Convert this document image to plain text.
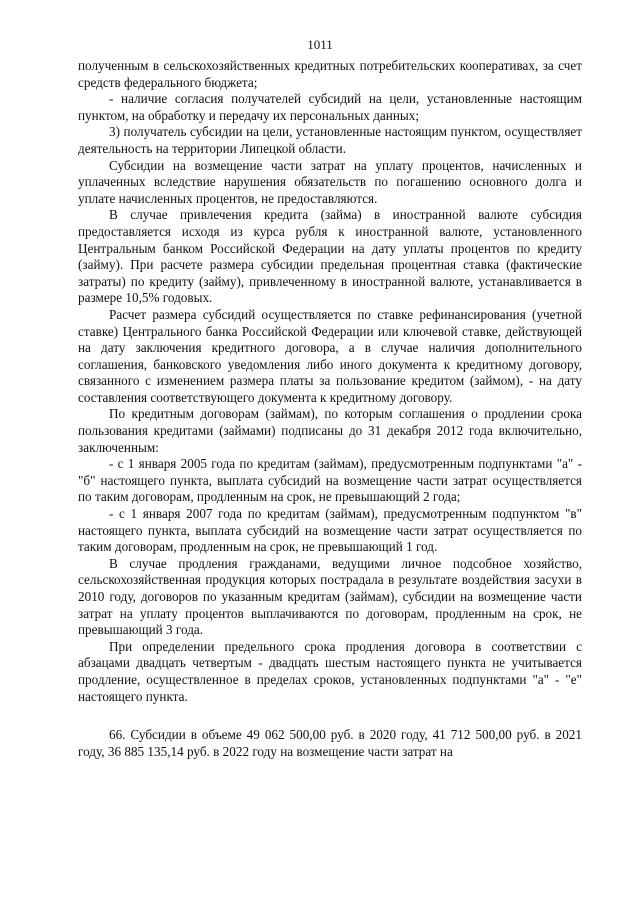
1011

полученным в сельскохозяйственных кредитных потребительских кооперативах, за счет средств федерального бюджета;

- наличие согласия получателей субсидий на цели, установленные настоящим пунктом, на обработку и передачу их персональных данных;

3) получатель субсидии на цели, установленные настоящим пунктом, осуществляет деятельность на территории Липецкой области.

Субсидии на возмещение части затрат на уплату процентов, начисленных и уплаченных вследствие нарушения обязательств по погашению основного долга и уплате начисленных процентов, не предоставляются.

В случае привлечения кредита (займа) в иностранной валюте субсидия предоставляется исходя из курса рубля к иностранной валюте, установленного Центральным банком Российской Федерации на дату уплаты процентов по кредиту (займу). При расчете размера субсидии предельная процентная ставка (фактические затраты) по кредиту (займу), привлеченному в иностранной валюте, устанавливается в размере 10,5% годовых.

Расчет размера субсидий осуществляется по ставке рефинансирования (учетной ставке) Центрального банка Российской Федерации или ключевой ставке, действующей на дату заключения кредитного договора, а в случае наличия дополнительного соглашения, банковского уведомления либо иного документа к кредитному договору, связанного с изменением размера платы за пользование кредитом (займом), - на дату составления соответствующего документа к кредитному договору.

По кредитным договорам (займам), по которым соглашения о продлении срока пользования кредитами (займами) подписаны до 31 декабря 2012 года включительно, заключенным:

- с 1 января 2005 года по кредитам (займам), предусмотренным подпунктами "а" - "б" настоящего пункта, выплата субсидий на возмещение части затрат осуществляется по таким договорам, продленным на срок, не превышающий 2 года;

- с 1 января 2007 года по кредитам (займам), предусмотренным подпунктом "в" настоящего пункта, выплата субсидий на возмещение части затрат осуществляется по таким договорам, продленным на срок, не превышающий 1 год.

В случае продления гражданами, ведущими личное подсобное хозяйство, сельскохозяйственная продукция которых пострадала в результате воздействия засухи в 2010 году, договоров по указанным кредитам (займам), субсидии на возмещение части затрат на уплату процентов выплачиваются по договорам, продленным на срок, не превышающий 3 года.

При определении предельного срока продления договора в соответствии с абзацами двадцать четвертым - двадцать шестым настоящего пункта не учитывается продление, осуществленное в пределах сроков, установленных подпунктами "а" - "е" настоящего пункта.

66. Субсидии в объеме 49 062 500,00 руб. в 2020 году, 41 712 500,00 руб. в 2021 году, 36 885 135,14 руб. в 2022 году на возмещение части затрат на
